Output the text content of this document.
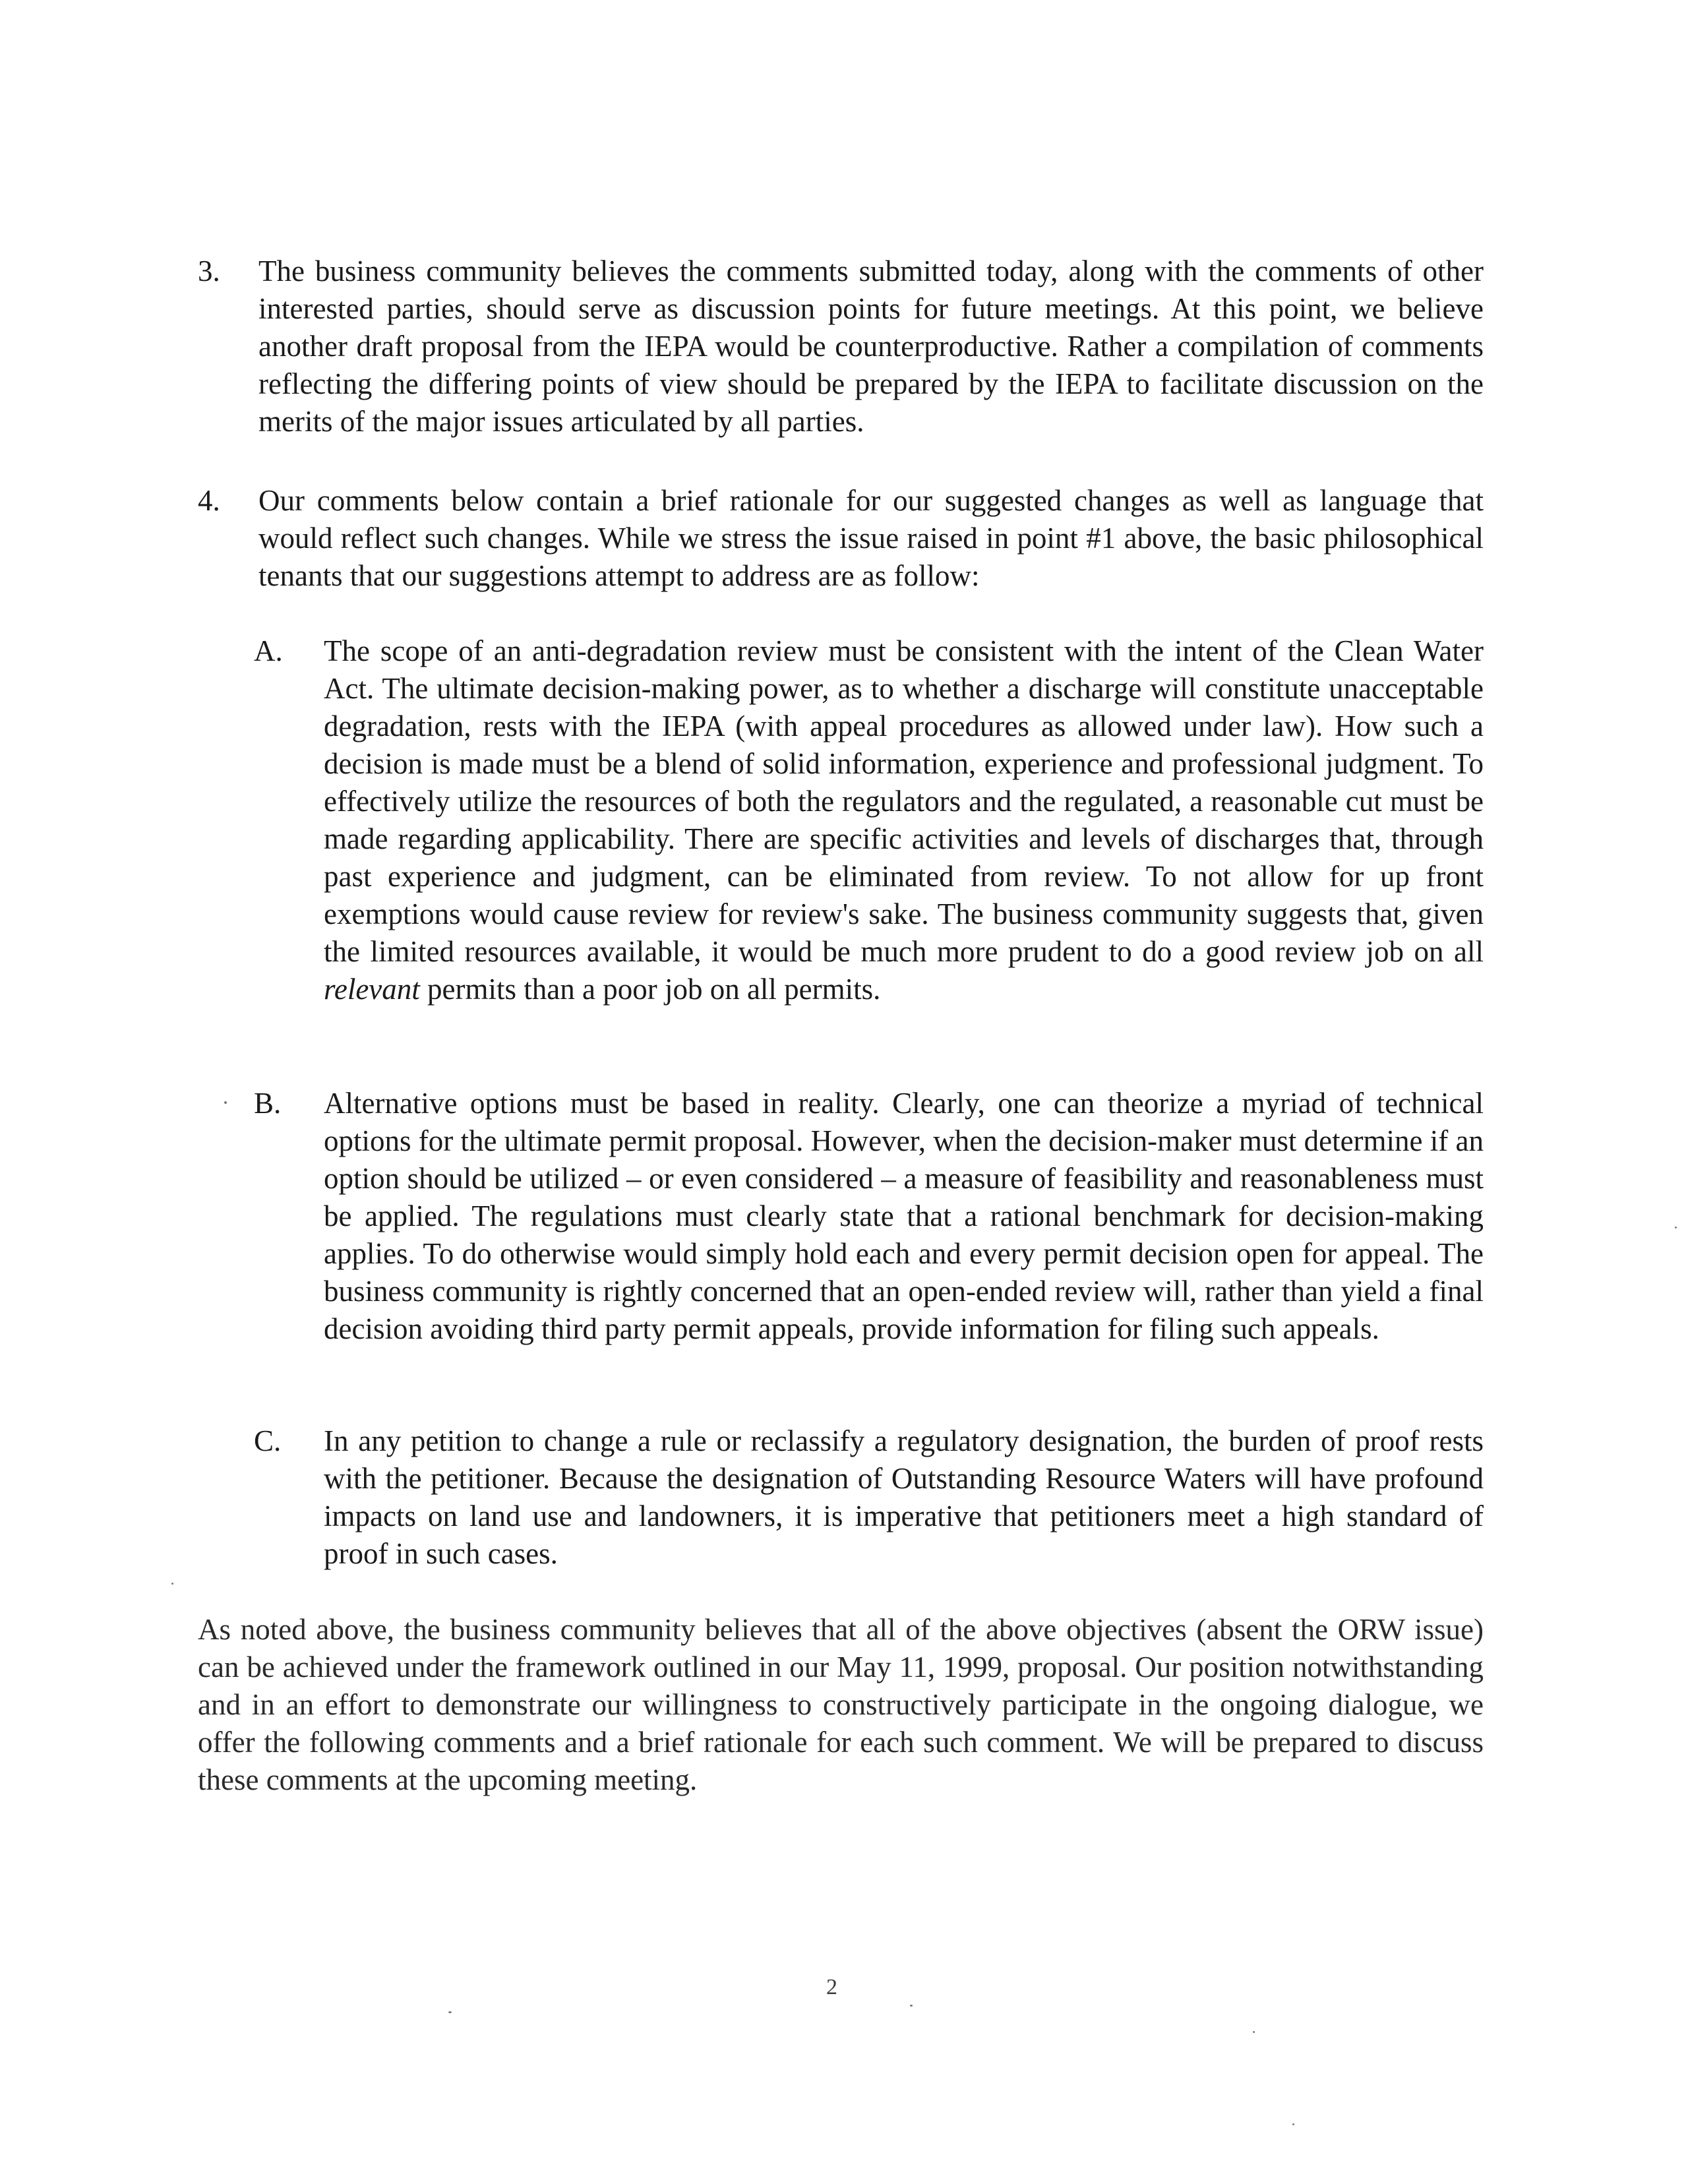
3. The business community believes the comments submitted today, along with the comments of other interested parties, should serve as discussion points for future meetings. At this point, we believe another draft proposal from the IEPA would be counterproductive. Rather a compilation of comments reflecting the differing points of view should be prepared by the IEPA to facilitate discussion on the merits of the major issues articulated by all parties.
4. Our comments below contain a brief rationale for our suggested changes as well as language that would reflect such changes. While we stress the issue raised in point #1 above, the basic philosophical tenants that our suggestions attempt to address are as follow:
A. The scope of an anti-degradation review must be consistent with the intent of the Clean Water Act. The ultimate decision-making power, as to whether a discharge will constitute unacceptable degradation, rests with the IEPA (with appeal procedures as allowed under law). How such a decision is made must be a blend of solid information, experience and professional judgment. To effectively utilize the resources of both the regulators and the regulated, a reasonable cut must be made regarding applicability. There are specific activities and levels of discharges that, through past experience and judgment, can be eliminated from review. To not allow for up front exemptions would cause review for review's sake. The business community suggests that, given the limited resources available, it would be much more prudent to do a good review job on all relevant permits than a poor job on all permits.
B. Alternative options must be based in reality. Clearly, one can theorize a myriad of technical options for the ultimate permit proposal. However, when the decision-maker must determine if an option should be utilized – or even considered – a measure of feasibility and reasonableness must be applied. The regulations must clearly state that a rational benchmark for decision-making applies. To do otherwise would simply hold each and every permit decision open for appeal. The business community is rightly concerned that an open-ended review will, rather than yield a final decision avoiding third party permit appeals, provide information for filing such appeals.
C. In any petition to change a rule or reclassify a regulatory designation, the burden of proof rests with the petitioner. Because the designation of Outstanding Resource Waters will have profound impacts on land use and landowners, it is imperative that petitioners meet a high standard of proof in such cases.
As noted above, the business community believes that all of the above objectives (absent the ORW issue) can be achieved under the framework outlined in our May 11, 1999, proposal. Our position notwithstanding and in an effort to demonstrate our willingness to constructively participate in the ongoing dialogue, we offer the following comments and a brief rationale for each such comment. We will be prepared to discuss these comments at the upcoming meeting.
2
